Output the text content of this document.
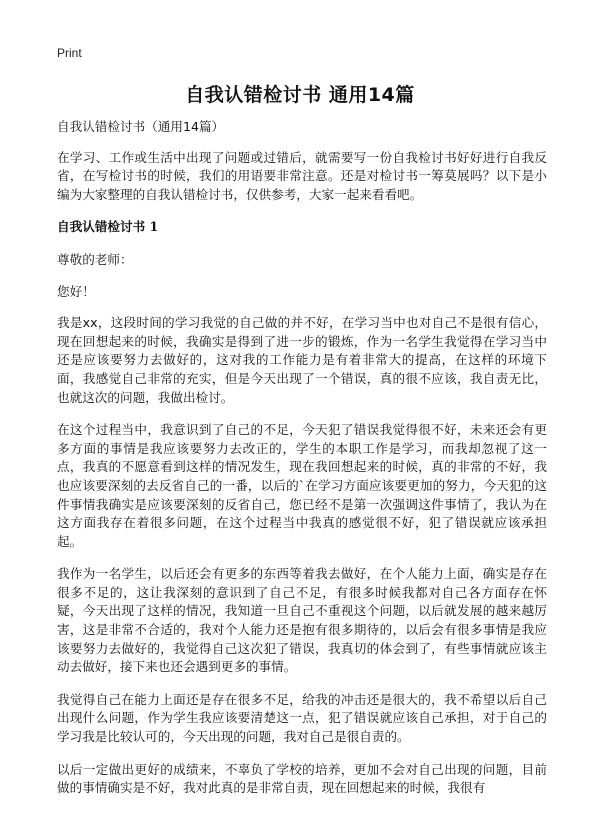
Print
自我认错检讨书 通用14篇

自我认错检讨书（通用14篇）

在学习、工作或生活中出现了问题或过错后，就需要写一份自我检讨书好好进行自我反省，在写检讨书的时候，我们的用语要非常注意。还是对检讨书一筹莫展吗？以下是小编为大家整理的自我认错检讨书，仅供参考，大家一起来看看吧。

自我认错检讨书 1

尊敬的老师：

您好！

我是xx，这段时间的学习我觉的自己做的并不好，在学习当中也对自己不是很有信心，现在回想起来的时候，我确实是得到了进一步的锻炼，作为一名学生我觉得在学习当中还是应该要努力去做好的，这对我的工作能力是有着非常大的提高，在这样的环境下面，我感觉自己非常的充实，但是今天出现了一个错误，真的很不应该，我自责无比，也就这次的问题，我做出检讨。

在这个过程当中，我意识到了自己的不足，今天犯了错误我觉得很不好，未来还会有更多方面的事情是我应该要努力去改正的，学生的本职工作是学习，而我却忽视了这一点，我真的不愿意看到这样的情况发生，现在我回想起来的时候，真的非常的不好，我也应该要深刻的去反省自己的一番，以后的`在学习方面应该要更加的努力，今天犯的这件事情我确实是应该要深刻的反省自己，您已经不是第一次强调这件事情了，我认为在这方面我存在着很多问题，在这个过程当中我真的感觉很不好，犯了错误就应该承担起。

我作为一名学生，以后还会有更多的东西等着我去做好，在个人能力上面，确实是存在很多不足的，这让我深刻的意识到了自己不足，有很多时候我都对自己各方面存在怀疑，今天出现了这样的情况，我知道一旦自己不重视这个问题，以后就发展的越来越厉害，这是非常不合适的，我对个人能力还是抱有很多期待的，以后会有很多事情是我应该要努力去做好的，我觉得自己这次犯了错误，我真切的体会到了，有些事情就应该主动去做好，接下来也还会遇到更多的事情。

我觉得自己在能力上面还是存在很多不足，给我的冲击还是很大的，我不希望以后自己出现什么问题，作为学生我应该要清楚这一点，犯了错误就应该自己承担，对于自己的学习我是比较认可的，今天出现的问题，我对自己是很自责的。

以后一定做出更好的成绩来，不辜负了学校的培养，更加不会对自己出现的问题，目前做的事情确实是不好，我对此真的是非常自责，现在回想起来的时候，我很有
